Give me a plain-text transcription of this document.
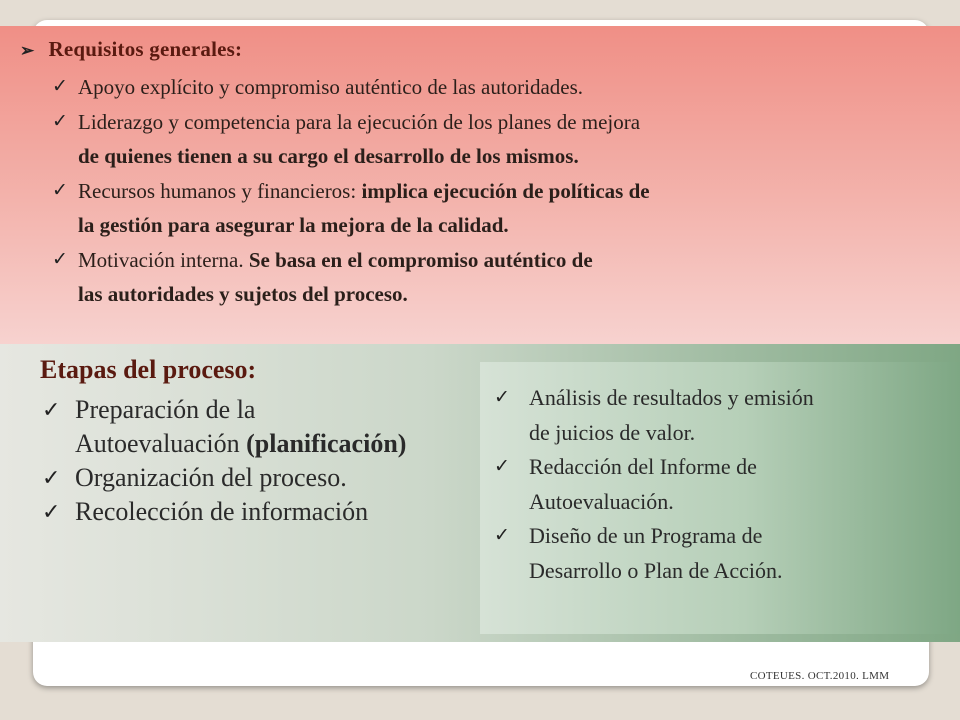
➢ Requisitos generales:
✓ Apoyo explícito y compromiso auténtico de las autoridades.
✓ Liderazgo y competencia para la ejecución de los planes de mejora
de quienes tienen a su cargo el desarrollo de los mismos.
✓ Recursos humanos y financieros: implica ejecución de políticas de
la gestión para asegurar la mejora de la calidad.
✓ Motivación interna. Se basa en el compromiso auténtico de
las autoridades y sujetos del proceso.
Etapas del proceso:
✓ Preparación de la
Autoevaluación (planificación)
✓ Organización del proceso.
✓ Recolección de información
✓ Análisis de resultados y emisión
de juicios de valor.
✓ Redacción del Informe de
Autoevaluación.
✓ Diseño de un Programa de
Desarrollo o Plan de Acción.
COTEUES. OCT.2010. LMM
